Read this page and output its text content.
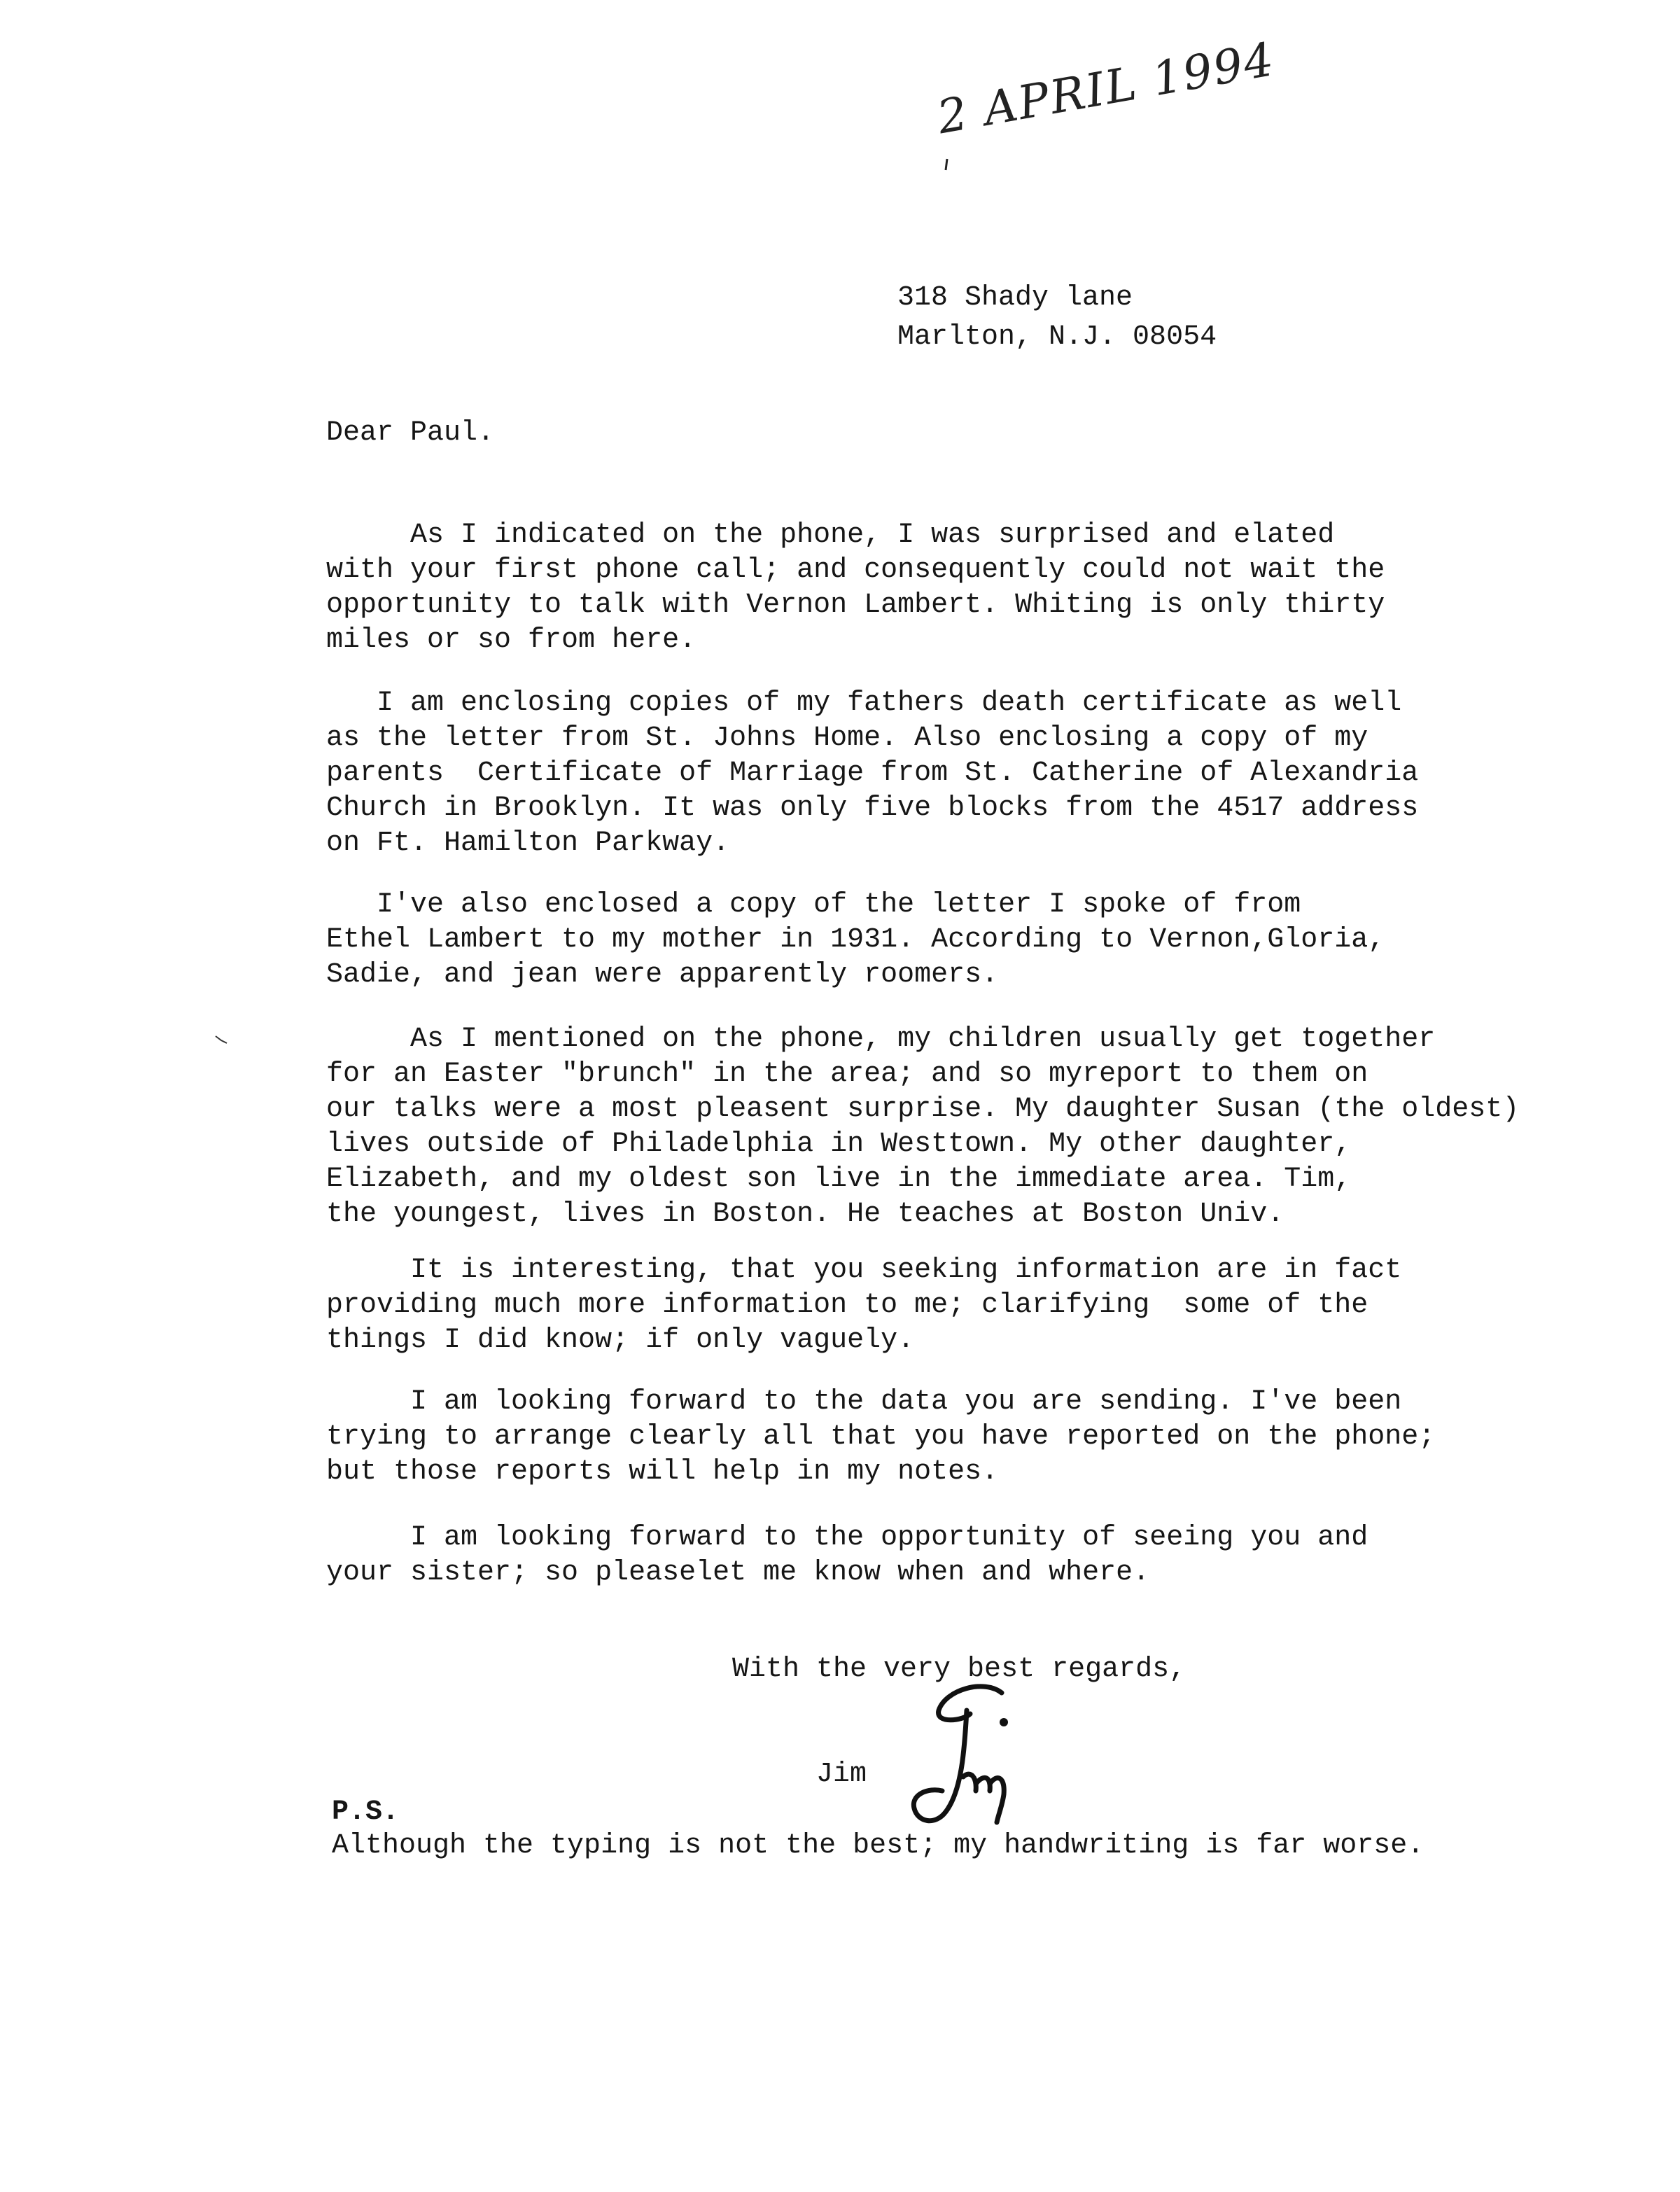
2 APRIL 1994
318 Shady lane
Marlton, N.J. 08054
Dear Paul.
As I indicated on the phone, I was surprised and elated
with your first phone call; and consequently could not wait the
opportunity to talk with Vernon Lambert. Whiting is only thirty
miles or so from here.
I am enclosing copies of my fathers death certificate as well
as the letter from St. Johns Home. Also enclosing a copy of my
parents  Certificate of Marriage from St. Catherine of Alexandria
Church in Brooklyn. It was only five blocks from the 4517 address
on Ft. Hamilton Parkway.
I've also enclosed a copy of the letter I spoke of from
Ethel Lambert to my mother in 1931. According to Vernon,Gloria,
Sadie, and jean were apparently roomers.
As I mentioned on the phone, my children usually get together
for an Easter "brunch" in the area; and so myreport to them on
our talks were a most pleasent surprise. My daughter Susan (the oldest)
lives outside of Philadelphia in Westtown. My other daughter,
Elizabeth, and my oldest son live in the immediate area. Tim,
the youngest, lives in Boston. He teaches at Boston Univ.
It is interesting, that you seeking information are in fact
providing much more information to me; clarifying  some of the
things I did know; if only vaguely.
I am looking forward to the data you are sending. I've been
trying to arrange clearly all that you have reported on the phone;
but those reports will help in my notes.
I am looking forward to the opportunity of seeing you and
your sister; so pleaselet me know when and where.
With the very best regards,
Jim
P.S.
Although the typing is not the best; my handwriting is far worse.
